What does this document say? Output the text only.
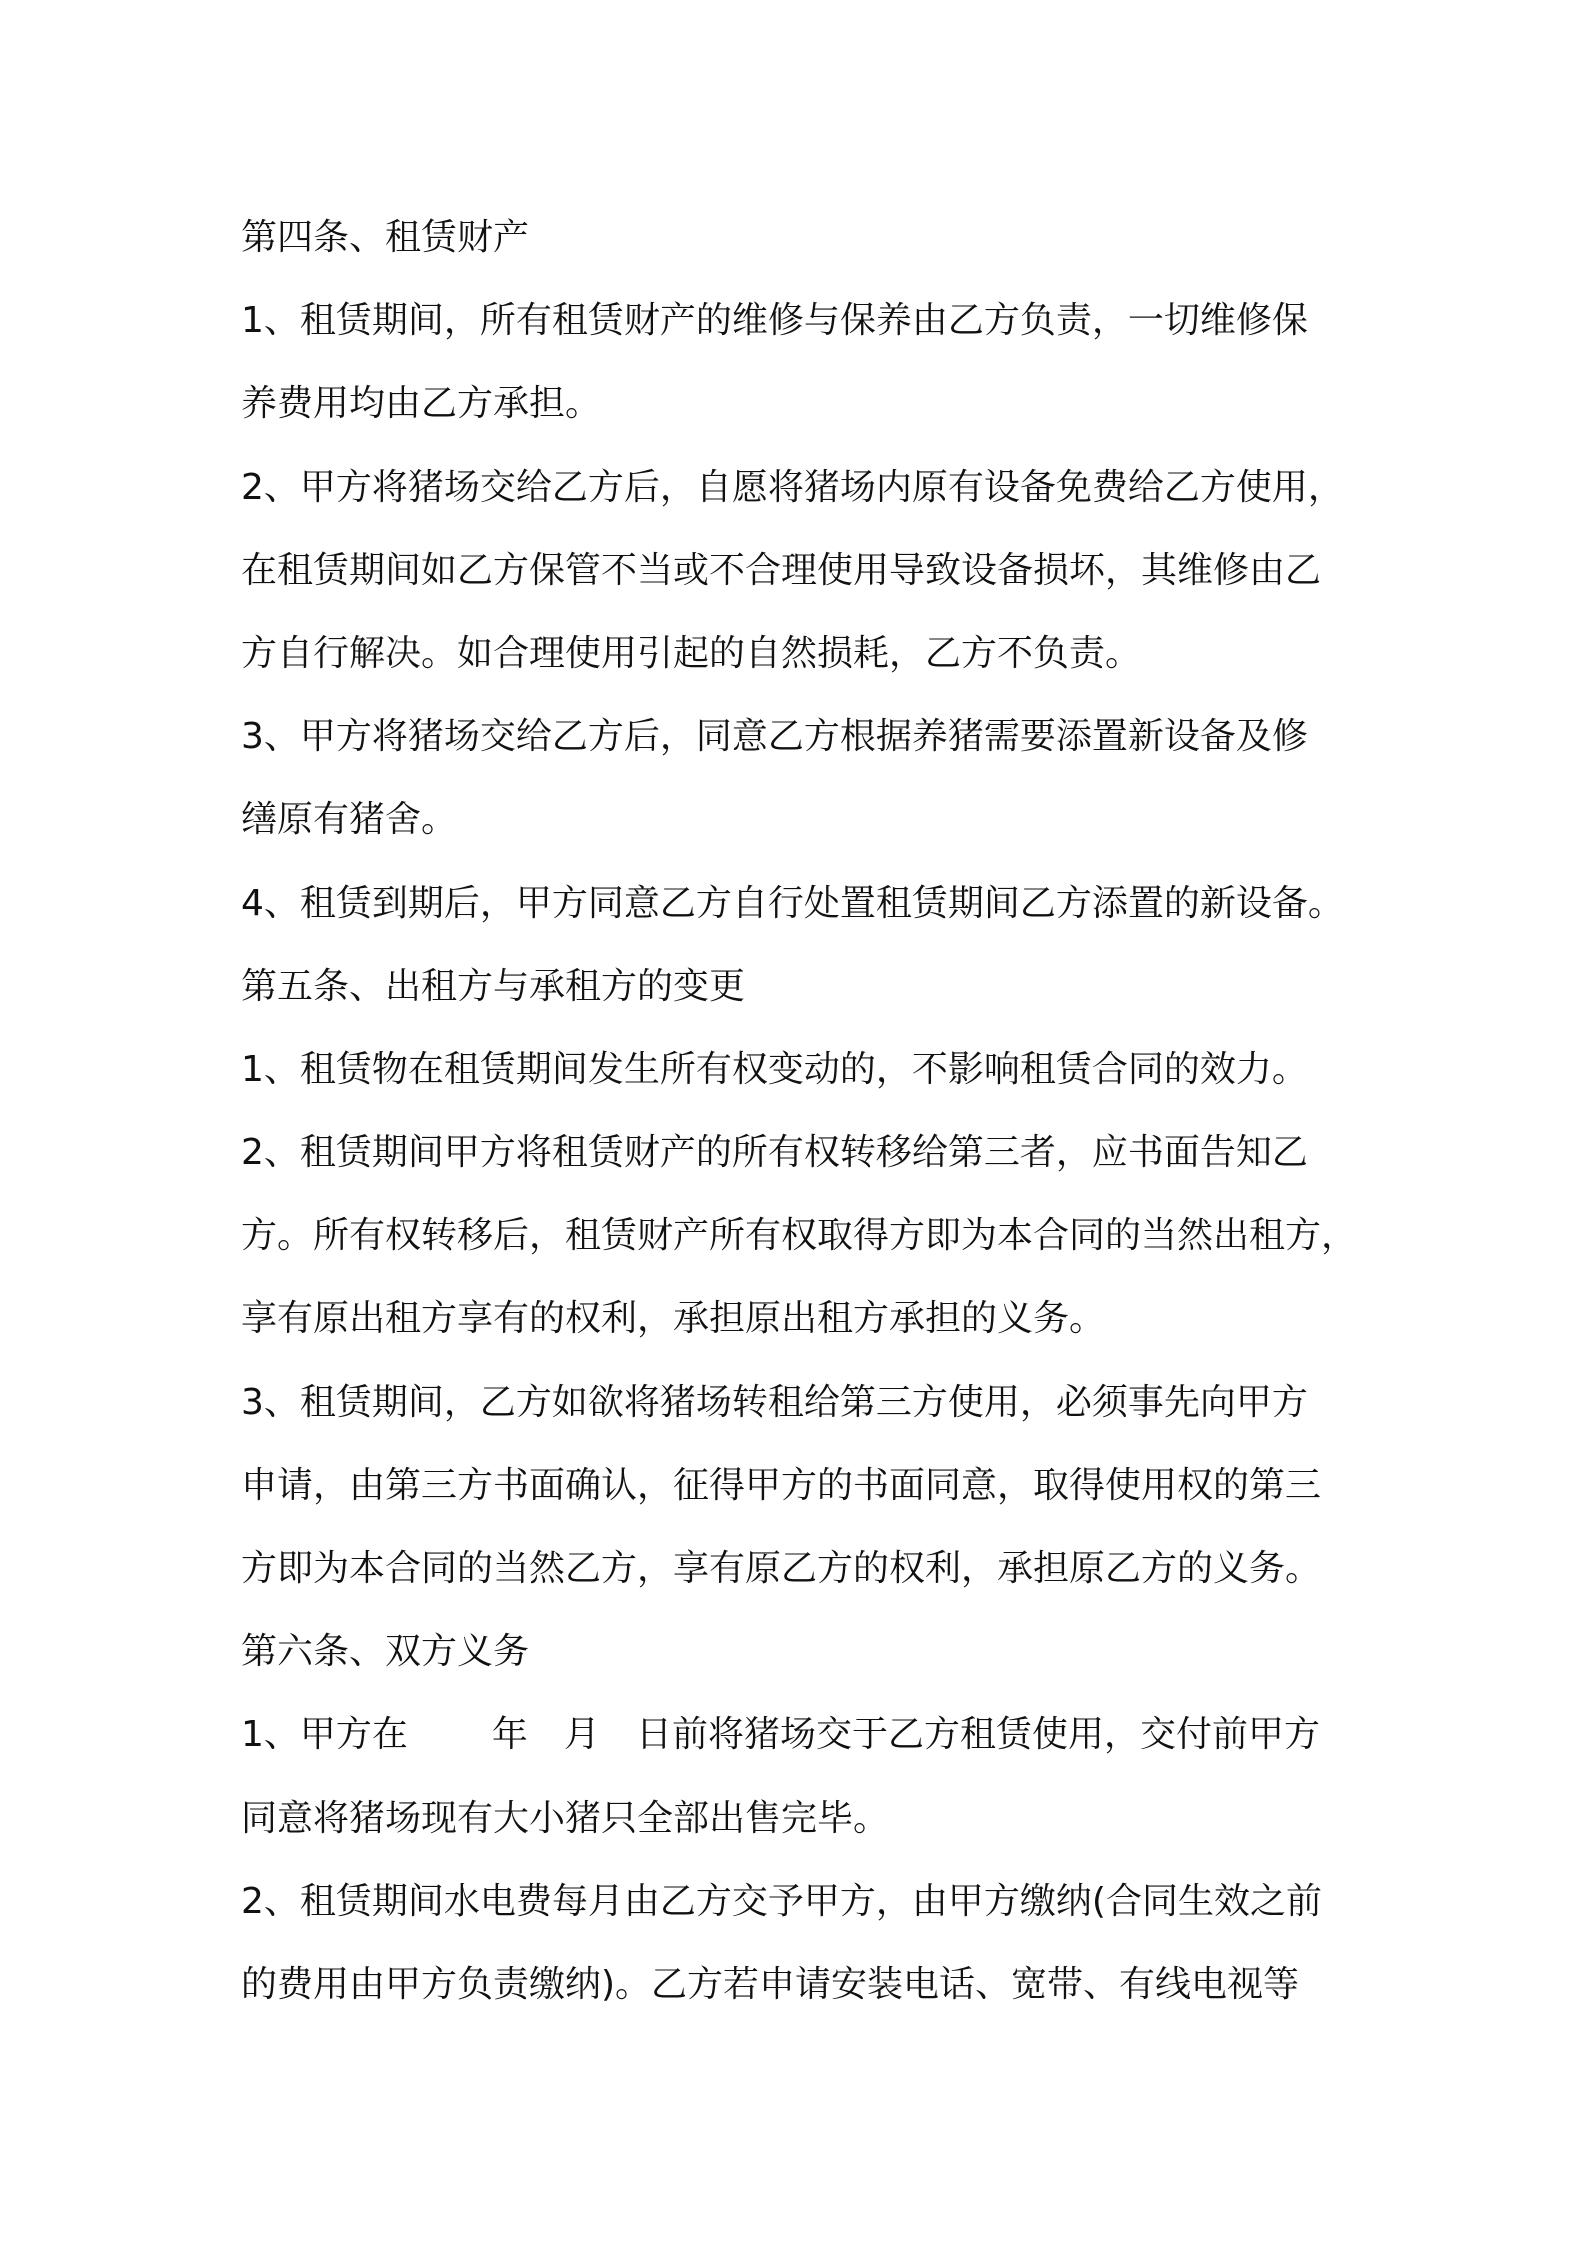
第四条、租赁财产
1、租赁期间，所有租赁财产的维修与保养由乙方负责，一切维修保
养费用均由乙方承担。
2、甲方将猪场交给乙方后，自愿将猪场内原有设备免费给乙方使用，
在租赁期间如乙方保管不当或不合理使用导致设备损坏，其维修由乙
方自行解决。如合理使用引起的自然损耗，乙方不负责。
3、甲方将猪场交给乙方后，同意乙方根据养猪需要添置新设备及修
缮原有猪舍。
4、租赁到期后，甲方同意乙方自行处置租赁期间乙方添置的新设备。
第五条、出租方与承租方的变更
1、租赁物在租赁期间发生所有权变动的，不影响租赁合同的效力。
2、租赁期间甲方将租赁财产的所有权转移给第三者，应书面告知乙
方。所有权转移后，租赁财产所有权取得方即为本合同的当然出租方，
享有原出租方享有的权利，承担原出租方承担的义务。
3、租赁期间，乙方如欲将猪场转租给第三方使用，必须事先向甲方
申请，由第三方书面确认，征得甲方的书面同意，取得使用权的第三
方即为本合同的当然乙方，享有原乙方的权利，承担原乙方的义务。
第六条、双方义务
1、甲方在 年 月 日前将猪场交于乙方租赁使用，交付前甲方
同意将猪场现有大小猪只全部出售完毕。
2、租赁期间水电费每月由乙方交予甲方，由甲方缴纳(合同生效之前
的费用由甲方负责缴纳)。乙方若申请安装电话、宽带、有线电视等
